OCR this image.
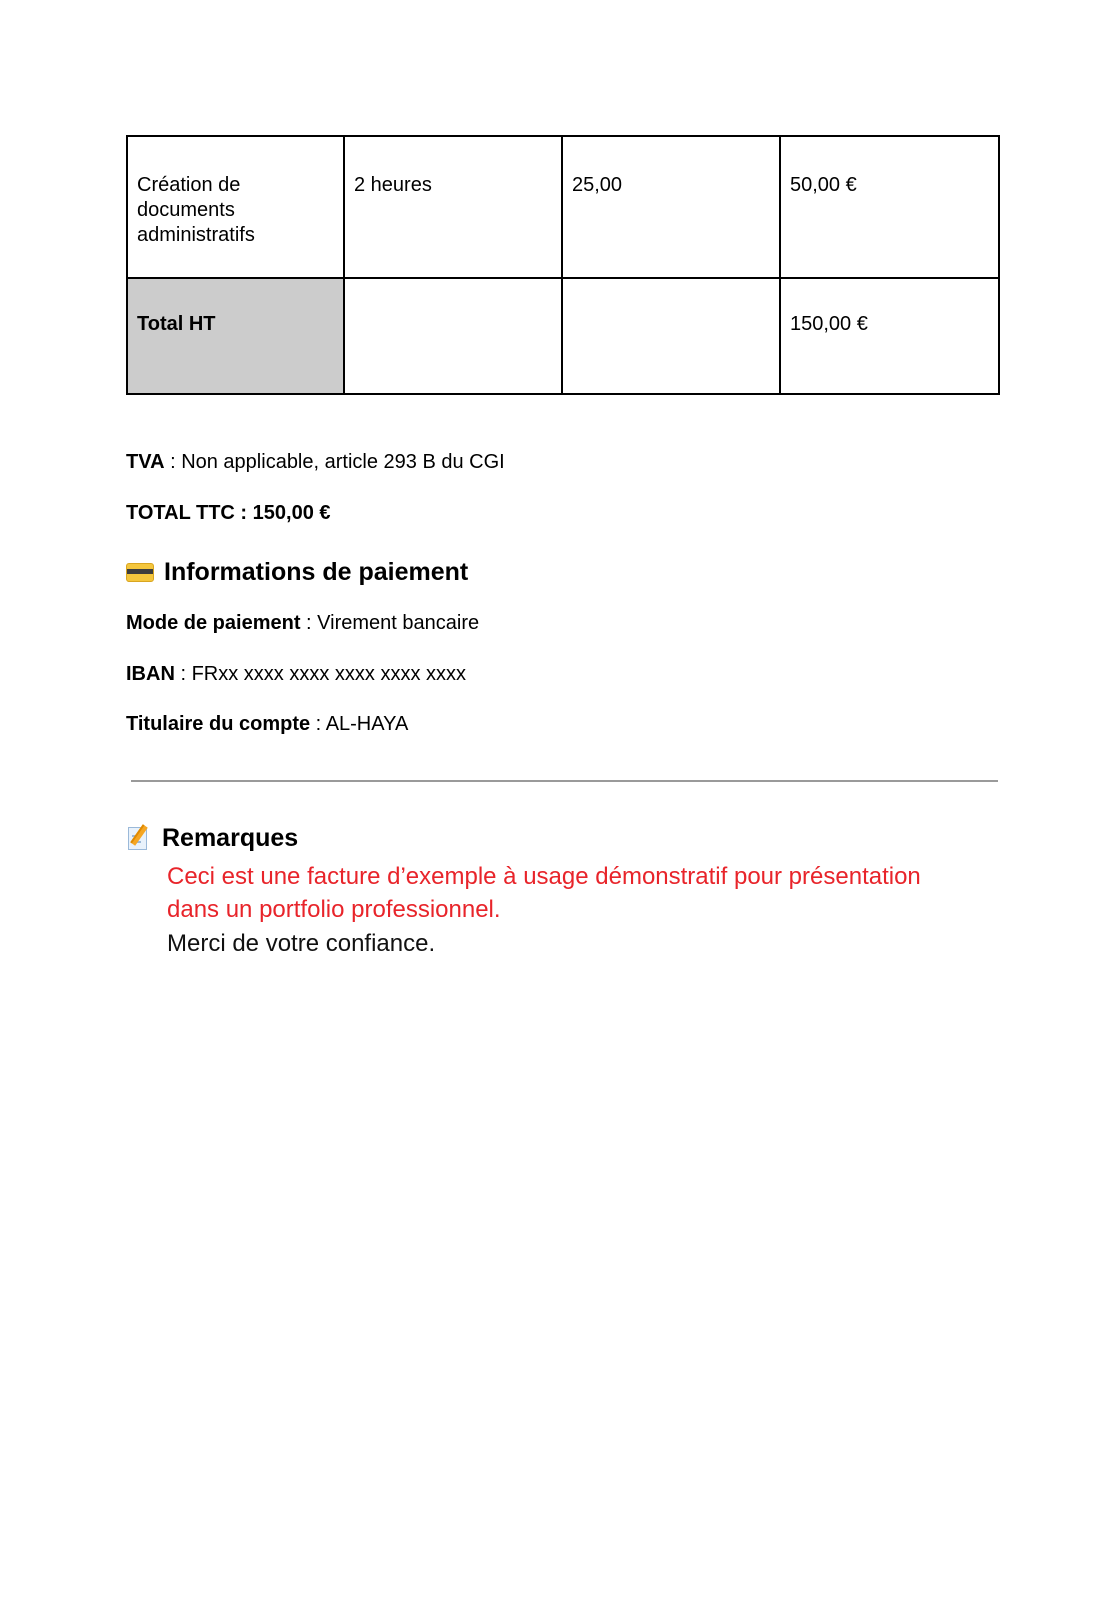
Création de documents administratifs	2 heures	25,00	50,00 €
Total HT			150,00 €
TVA : Non applicable, article 293 B du CGI
TOTAL TTC : 150,00 €
Informations de paiement
Mode de paiement : Virement bancaire
IBAN : FRxx xxxx xxxx xxxx xxxx xxxx
Titulaire du compte : AL-HAYA
Remarques
Ceci est une facture d’exemple à usage démonstratif pour présentation
dans un portfolio professionnel.
Merci de votre confiance.
